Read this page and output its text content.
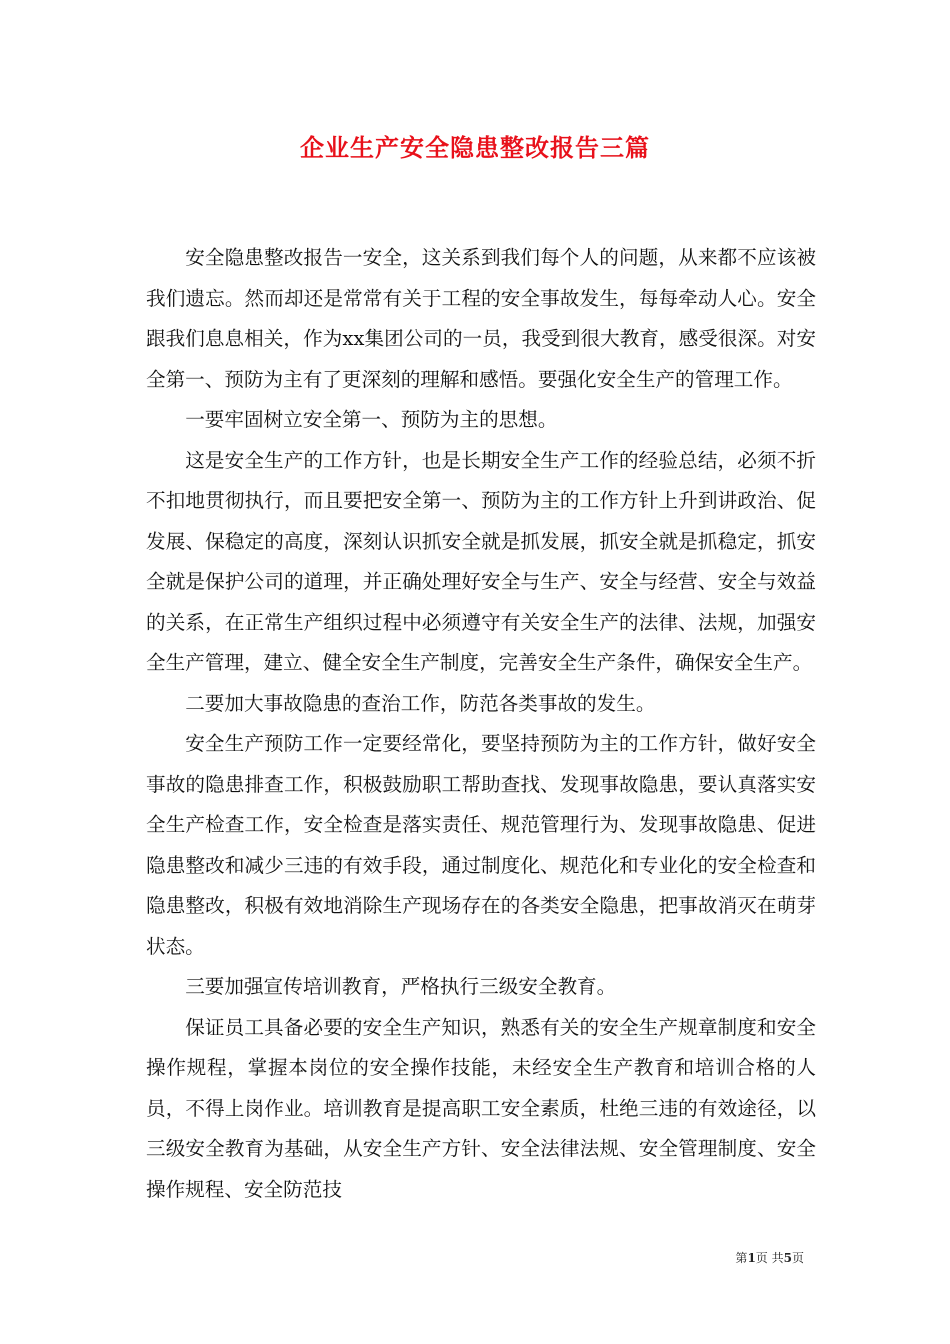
企业生产安全隐患整改报告三篇

安全隐患整改报告一安全，这关系到我们每个人的问题，从来都不应该被我们遗忘。然而却还是常常有关于工程的安全事故发生，每每牵动人心。安全跟我们息息相关，作为xx集团公司的一员，我受到很大教育，感受很深。对安全第一、预防为主有了更深刻的理解和感悟。要强化安全生产的管理工作。

一要牢固树立安全第一、预防为主的思想。

这是安全生产的工作方针，也是长期安全生产工作的经验总结，必须不折不扣地贯彻执行，而且要把安全第一、预防为主的工作方针上升到讲政治、促发展、保稳定的高度，深刻认识抓安全就是抓发展，抓安全就是抓稳定，抓安全就是保护公司的道理，并正确处理好安全与生产、安全与经营、安全与效益的关系，在正常生产组织过程中必须遵守有关安全生产的法律、法规，加强安全生产管理，建立、健全安全生产制度，完善安全生产条件，确保安全生产。

二要加大事故隐患的查治工作，防范各类事故的发生。

安全生产预防工作一定要经常化，要坚持预防为主的工作方针，做好安全事故的隐患排查工作，积极鼓励职工帮助查找、发现事故隐患，要认真落实安全生产检查工作，安全检查是落实责任、规范管理行为、发现事故隐患、促进隐患整改和减少三违的有效手段，通过制度化、规范化和专业化的安全检查和隐患整改，积极有效地消除生产现场存在的各类安全隐患，把事故消灭在萌芽状态。

三要加强宣传培训教育，严格执行三级安全教育。

保证员工具备必要的安全生产知识，熟悉有关的安全生产规章制度和安全操作规程，掌握本岗位的安全操作技能，未经安全生产教育和培训合格的人员，不得上岗作业。培训教育是提高职工安全素质，杜绝三违的有效途径，以三级安全教育为基础，从安全生产方针、安全法律法规、安全管理制度、安全操作规程、安全防范技

第1页 共5页
